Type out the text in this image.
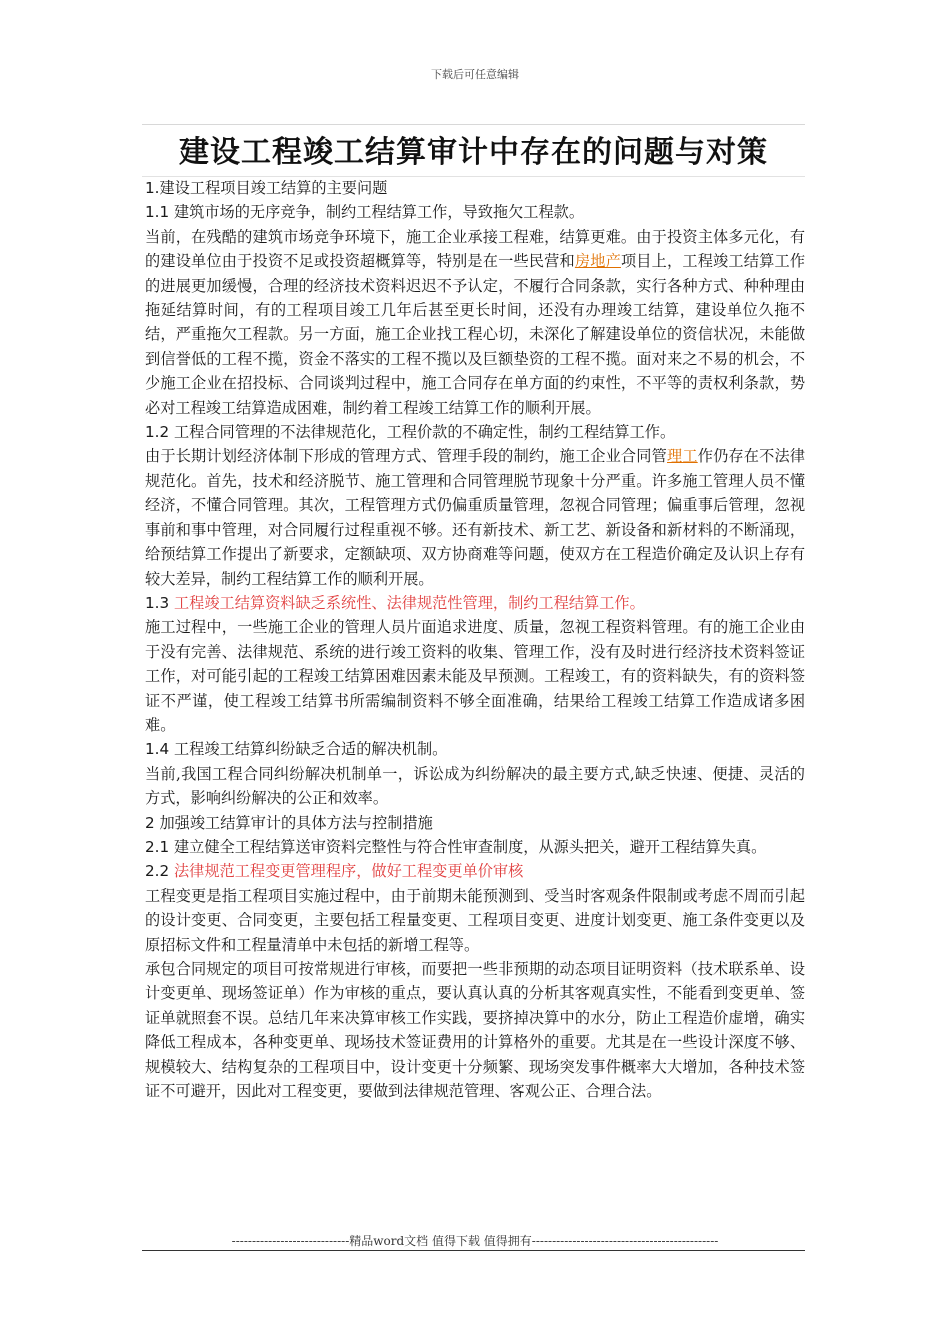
下载后可任意编辑
建设工程竣工结算审计中存在的问题与对策

1.建设工程项目竣工结算的主要问题

1.1 建筑市场的无序竞争，制约工程结算工作，导致拖欠工程款。

当前，在残酷的建筑市场竞争环境下，施工企业承接工程难，结算更难。由于投资主体多元化，有的建设单位由于投资不足或投资超概算等，特别是在一些民营和房地产项目上，工程竣工结算工作的进展更加缓慢，合理的经济技术资料迟迟不予认定，不履行合同条款，实行各种方式、种种理由拖延结算时间，有的工程项目竣工几年后甚至更长时间，还没有办理竣工结算，建设单位久拖不结，严重拖欠工程款。另一方面，施工企业找工程心切，未深化了解建设单位的资信状况，未能做到信誉低的工程不揽，资金不落实的工程不揽以及巨额垫资的工程不揽。面对来之不易的机会，不少施工企业在招投标、合同谈判过程中，施工合同存在单方面的约束性，不平等的责权利条款，势必对工程竣工结算造成困难，制约着工程竣工结算工作的顺利开展。

1.2 工程合同管理的不法律规范化，工程价款的不确定性，制约工程结算工作。

由于长期计划经济体制下形成的管理方式、管理手段的制约，施工企业合同管理工作仍存在不法律规范化。首先，技术和经济脱节、施工管理和合同管理脱节现象十分严重。许多施工管理人员不懂经济，不懂合同管理。其次，工程管理方式仍偏重质量管理，忽视合同管理；偏重事后管理，忽视事前和事中管理，对合同履行过程重视不够。还有新技术、新工艺、新设备和新材料的不断涌现，给预结算工作提出了新要求，定额缺项、双方协商难等问题，使双方在工程造价确定及认识上存有较大差异，制约工程结算工作的顺利开展。

1.3 工程竣工结算资料缺乏系统性、法律规范性管理，制约工程结算工作。

施工过程中，一些施工企业的管理人员片面追求进度、质量，忽视工程资料管理。有的施工企业由于没有完善、法律规范、系统的进行竣工资料的收集、管理工作，没有及时进行经济技术资料签证工作，对可能引起的工程竣工结算困难因素未能及早预测。工程竣工，有的资料缺失，有的资料签证不严谨，使工程竣工结算书所需编制资料不够全面准确，结果给工程竣工结算工作造成诸多困难。

1.4 工程竣工结算纠纷缺乏合适的解决机制。

当前,我国工程合同纠纷解决机制单一，诉讼成为纠纷解决的最主要方式,缺乏快速、便捷、灵活的方式，影响纠纷解决的公正和效率。

2 加强竣工结算审计的具体方法与控制措施

2.1 建立健全工程结算送审资料完整性与符合性审查制度，从源头把关，避开工程结算失真。

2.2 法律规范工程变更管理程序，做好工程变更单价审核

工程变更是指工程项目实施过程中，由于前期未能预测到、受当时客观条件限制或考虑不周而引起的设计变更、合同变更，主要包括工程量变更、工程项目变更、进度计划变更、施工条件变更以及原招标文件和工程量清单中未包括的新增工程等。

承包合同规定的项目可按常规进行审核，而要把一些非预期的动态项目证明资料（技术联系单、设计变更单、现场签证单）作为审核的重点，要认真认真的分析其客观真实性，不能看到变更单、签证单就照套不误。总结几年来决算审核工作实践，要挤掉决算中的水分，防止工程造价虚增，确实降低工程成本，各种变更单、现场技术签证费用的计算格外的重要。尤其是在一些设计深度不够、规模较大、结构复杂的工程项目中，设计变更十分频繁、现场突发事件概率大大增加，各种技术签证不可避开，因此对工程变更，要做到法律规范管理、客观公正、合理合法。

-----------------------------精品word文档 值得下载 值得拥有----------------------------------------------
